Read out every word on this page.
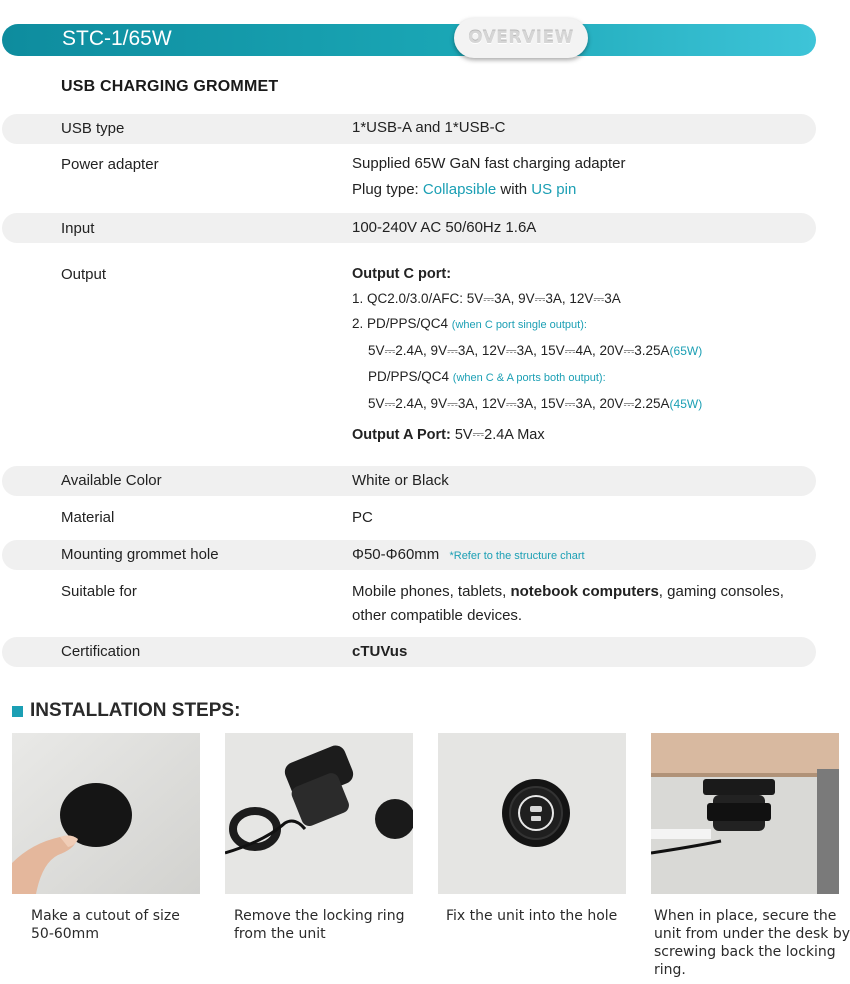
STC-1/65W	OVERVIEW
USB CHARGING GROMMET
USB type	1*USB-A and 1*USB-C
Power adapter	Supplied 65W GaN fast charging adapter
Plug type: Collapsible with US pin
Input	100-240V AC 50/60Hz 1.6A
Output	Output C port:
1. QC2.0/3.0/AFC: 5V⎓3A, 9V⎓3A, 12V⎓3A
2. PD/PPS/QC4 (when C port single output):
5V⎓2.4A, 9V⎓3A, 12V⎓3A, 15V⎓4A, 20V⎓3.25A(65W)
PD/PPS/QC4 (when C & A ports both output):
5V⎓2.4A, 9V⎓3A, 12V⎓3A, 15V⎓3A, 20V⎓2.25A(45W)
Output A Port: 5V⎓2.4A Max
Available Color	White or Black
Material	PC
Mounting grommet hole	Φ50-Φ60mm *Refer to the structure chart
Suitable for	Mobile phones, tablets, notebook computers, gaming consoles,
other compatible devices.
Certification	cTUVus
INSTALLATION STEPS:
Make a cutout of size
50-60mm
Remove the locking ring
from the unit
Fix the unit into the hole	When in place, secure the
unit from under the desk by
screwing back the locking
ring.
